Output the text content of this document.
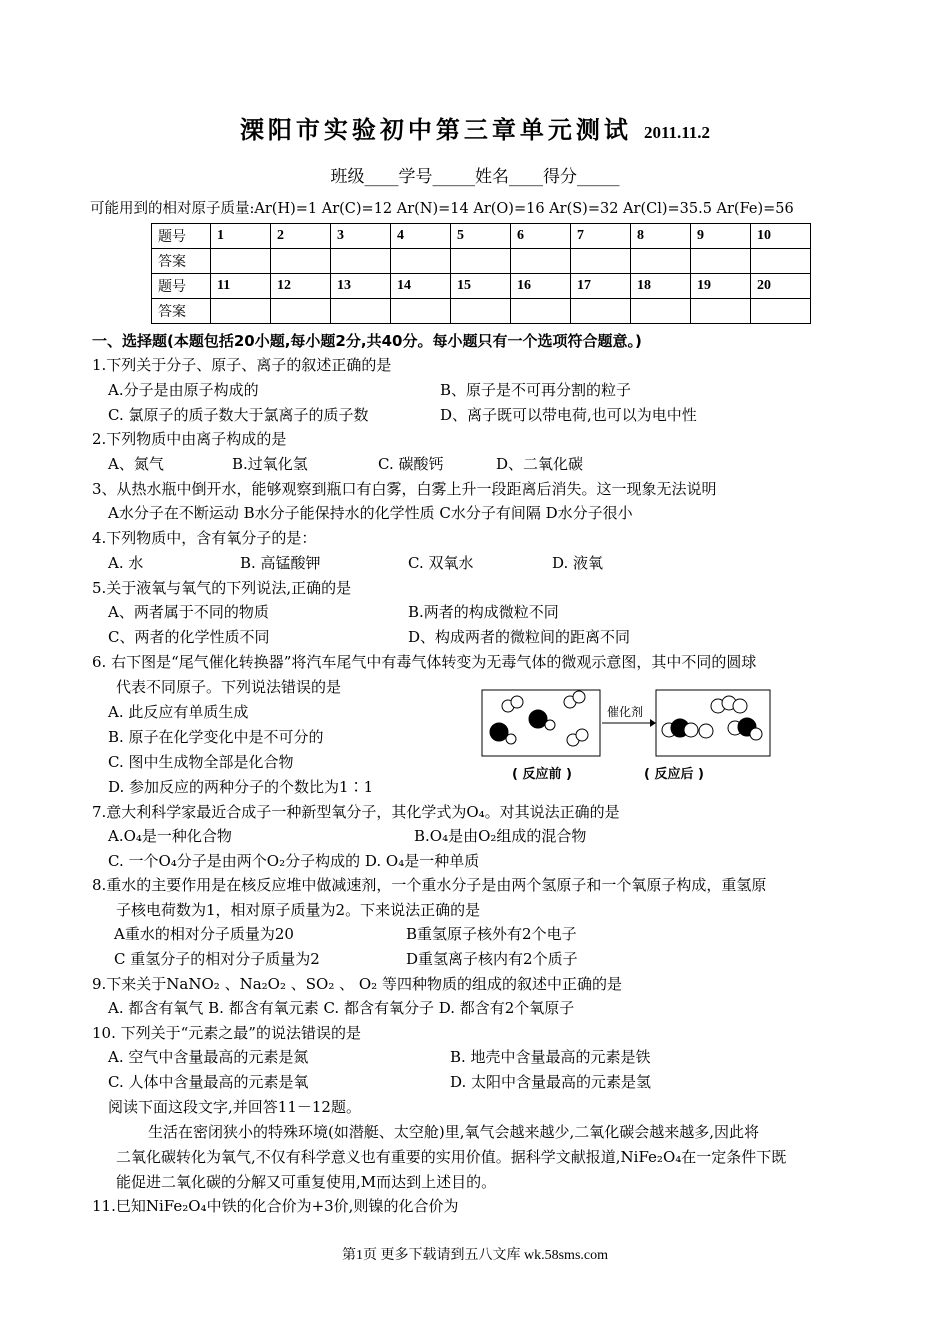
溧阳市实验初中第三章单元测试 2011.11.2
班级____学号_____姓名____得分_____
可能用到的相对原子质量:Ar(H)=1 Ar(C)=12 Ar(N)=14 Ar(O)=16 Ar(S)=32 Ar(Cl)=35.5 Ar(Fe)=56
题号	1	2	3	4	5	6	7	8	9	10
答案										
题号	11	12	13	14	15	16	17	18	19	20
答案										
一、选择题(本题包括20小题,每小题2分,共40分。每小题只有一个选项符合题意。)
1.下列关于分子、原子、离子的叙述正确的是
A.分子是由原子构成的	B、原子是不可再分割的粒子
C. 氯原子的质子数大于氯离子的质子数	D、离子既可以带电荷,也可以为电中性
2.下列物质中由离子构成的是
A、氮气	B.过氧化氢	C. 碳酸钙	D、二氧化碳
3、从热水瓶中倒开水，能够观察到瓶口有白雾，白雾上升一段距离后消失。这一现象无法说明
A水分子在不断运动 B水分子能保持水的化学性质 C水分子有间隔 D水分子很小
4.下列物质中，含有氧分子的是：
A. 水	B. 高锰酸钾	C. 双氧水	D. 液氧
5.关于液氧与氧气的下列说法,正确的是
A、两者属于不同的物质	B.两者的构成微粒不同
C、两者的化学性质不同	D、构成两者的微粒间的距离不同
6. 右下图是“尾气催化转换器”将汽车尾气中有毒气体转变为无毒气体的微观示意图，其中不同的圆球
代表不同原子。下列说法错误的是
A. 此反应有单质生成
B. 原子在化学变化中是不可分的
C. 图中生成物全部是化合物
D. 参加反应的两种分子的个数比为1∶1
催化剂
( 反应前 )	( 反应后 )
7.意大利科学家最近合成子一种新型氧分子，其化学式为O₄。对其说法正确的是
A.O₄是一种化合物	B.O₄是由O₂组成的混合物
C. 一个O₄分子是由两个O₂分子构成的 D. O₄是一种单质
8.重水的主要作用是在核反应堆中做减速剂，一个重水分子是由两个氢原子和一个氧原子构成，重氢原
子核电荷数为1，相对原子质量为2。下来说法正确的是
A重水的相对分子质量为20	B重氢原子核外有2个电子
C 重氢分子的相对分子质量为2	D重氢离子核内有2个质子
9.下来关于NaNO₂ 、Na₂O₂ 、SO₂ 、 O₂ 等四种物质的组成的叙述中正确的是
A. 都含有氧气 B. 都含有氧元素 C. 都含有氧分子 D. 都含有2个氧原子
10. 下列关于“元素之最”的说法错误的是
A. 空气中含量最高的元素是氮	B. 地壳中含量最高的元素是铁
C. 人体中含量最高的元素是氧	D. 太阳中含量最高的元素是氢
阅读下面这段文字,并回答11－12题。
生活在密闭狭小的特殊环境(如潜艇、太空舱)里,氧气会越来越少,二氧化碳会越来越多,因此将
二氧化碳转化为氧气,不仅有科学意义也有重要的实用价值。据科学文献报道,NiFe₂O₄在一定条件下既
能促进二氧化碳的分解又可重复使用,M而达到上述目的。
11.巳知NiFe₂O₄中铁的化合价为+3价,则镍的化合价为
第1页 更多下载请到五八文库 wk.58sms.com
